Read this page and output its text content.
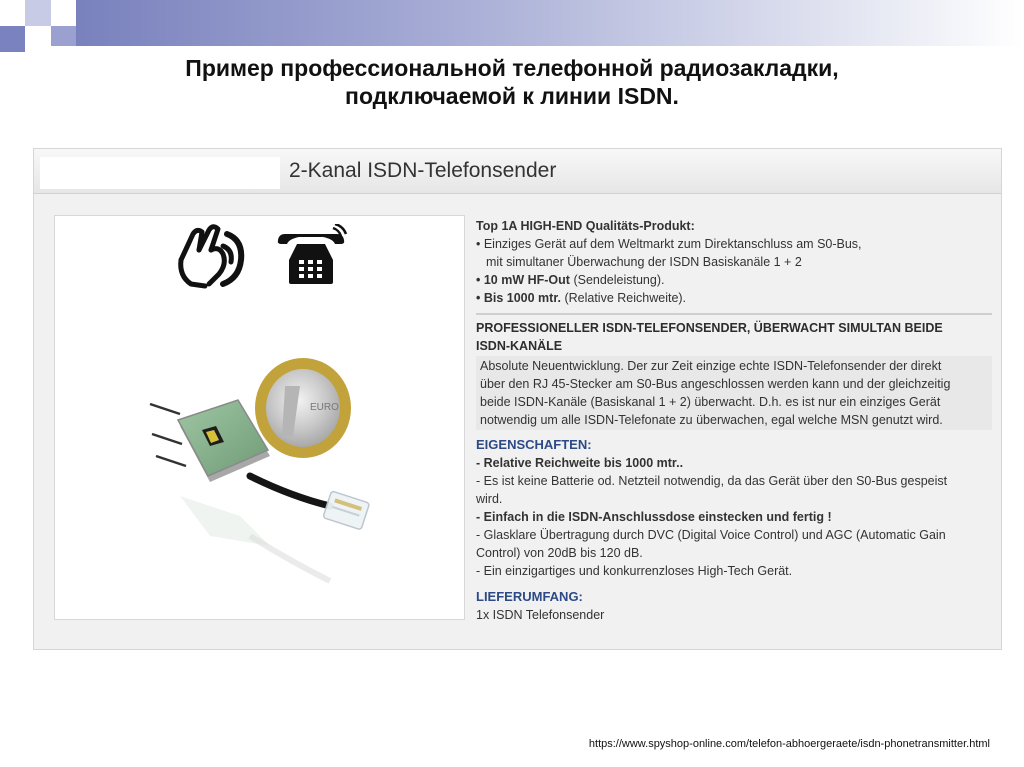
Пример профессиональной телефонной радиозакладки,
подключаемой к линии ISDN.
2-Kanal ISDN-Telefonsender
EURO
Top 1A HIGH-END Qualitäts-Produkt:
• Einziges Gerät auf dem Weltmarkt zum Direktanschluss am S0-Bus,
mit simultaner Überwachung der ISDN Basiskanäle 1 + 2
• 10 mW HF-Out (Sendeleistung).
• Bis 1000 mtr. (Relative Reichweite).
PROFESSIONELLER ISDN-TELEFONSENDER, ÜBERWACHT SIMULTAN BEIDE
ISDN-KANÄLE
Absolute Neuentwicklung. Der zur Zeit einzige echte ISDN-Telefonsender der direkt
über den RJ 45-Stecker am S0-Bus angeschlossen werden kann und der gleichzeitig
beide ISDN-Kanäle (Basiskanal 1 + 2) überwacht. D.h. es ist nur ein einziges Gerät
notwendig um alle ISDN-Telefonate zu überwachen, egal welche MSN genutzt wird.
EIGENSCHAFTEN:
- Relative Reichweite bis 1000 mtr..
- Es ist keine Batterie od. Netzteil notwendig, da das Gerät über den S0-Bus gespeist
wird.
- Einfach in die ISDN-Anschlussdose einstecken und fertig !
- Glasklare Übertragung durch DVC (Digital Voice Control) und AGC (Automatic Gain
Control) von 20dB bis 120 dB.
- Ein einzigartiges und konkurrenzloses High-Tech Gerät.
LIEFERUMFANG:
1x ISDN Telefonsender
https://www.spyshop-online.com/telefon-abhoergeraete/isdn-phonetransmitter.html
